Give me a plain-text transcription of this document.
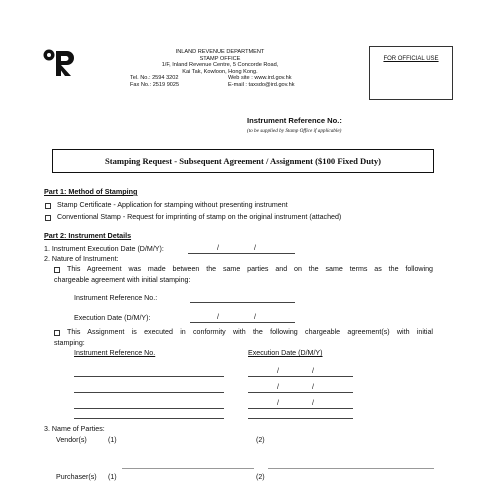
INLAND REVENUE DEPARTMENT
STAMP OFFICE
1/F, Inland Revenue Centre, 5 Concorde Road,
Kai Tak, Kowloon, Hong Kong.
Tel. No.: 2594 3202	Web site : www.ird.gov.hk
Fax No.: 2519 9025	E-mail : taxsdo@ird.gov.hk
FOR OFFICIAL USE
Instrument Reference No.:
(to be supplied by Stamp Office if applicable)
Stamping Request - Subsequent Agreement / Assignment ($100 Fixed Duty)
Part 1: Method of Stamping
Stamp Certificate - Application for stamping without presenting instrument
Conventional Stamp - Request for imprinting of stamp on the original instrument (attached)
Part 2: Instrument Details
1. Instrument Execution Date (D/M/Y):	/	/
2. Nature of Instrument:
This Agreement was made between the same parties and on the same terms as the following
chargeable agreement with initial stamping:
Instrument Reference No.:
Execution Date (D/M/Y):	/	/
This Assignment is executed in conformity with the following chargeable agreement(s) with initial
stamping:
Instrument Reference No.	Execution Date (D/M/Y)
/	/
/	/
/	/
3. Name of Parties:
Vendor(s)	(1)	(2)
Purchaser(s) (1)	(2)
